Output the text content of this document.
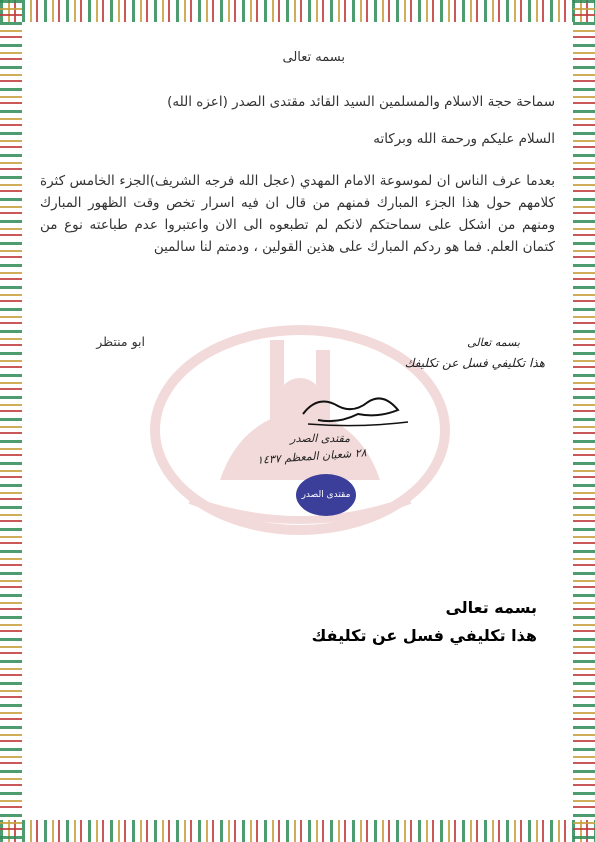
بسمه تعالى

سماحة حجة الاسلام والمسلمين السيد القائد مقتدى الصدر (اعزه الله)

السلام عليكم ورحمة الله وبركاته

بعدما عرف الناس ان لموسوعة الامام المهدي (عجل الله فرجه الشريف)الجزء الخامس كثرة كلامهم حول هذا الجزء المبارك فمنهم من قال ان فيه اسرار تخص وقت الظهور المبارك ومنهم من اشكل على سماحتكم لانكم لم تطبعوه الى الان واعتبروا عدم طباعته نوع من كتمان العلم. فما هو ردكم المبارك على هذين القولين ، ودمتم لنا سالمين

ابو منتظر	بسمه تعالى
هذا تكليفي فسل عن تكليفك
مقتدى الصدر
٢٨ شعبان المعظم ١٤٣٧

بسمه تعالى

هذا تكليفي فسل عن تكليفك

مقتدى الصدر
